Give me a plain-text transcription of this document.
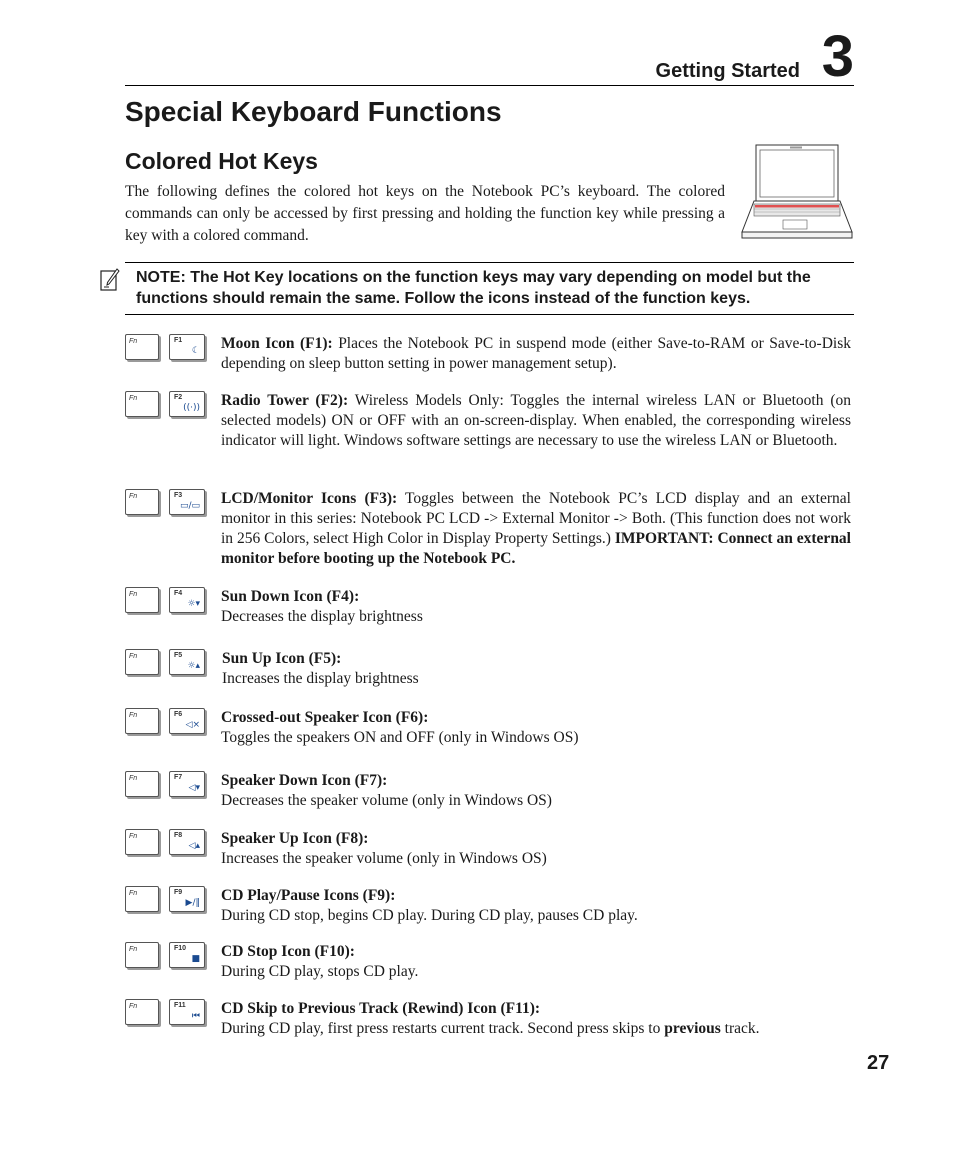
Getting Started 3
Special Keyboard Functions
Colored Hot Keys

The following defines the colored hot keys on the Notebook PC’s keyboard. The colored commands can only be accessed by first pressing and holding the function key while pressing a key with a colored command.

NOTE: The Hot Key locations on the function keys may vary depending on model but the functions should remain the same. Follow the icons instead of the function keys.

Fn	F1
☾ Moon Icon (F1): Places the Notebook PC in suspend mode (either Save-to-RAM or Save-to-Disk depending on sleep button setting in power management setup).

Fn	F2
((·)) Radio Tower (F2): Wireless Models Only: Toggles the internal wireless LAN or Bluetooth (on selected models) ON or OFF with an on-screen-display. When enabled, the corresponding wireless indicator will light. Windows software settings are necessary to use the wireless LAN or Bluetooth.

Fn	F3
▭/▭ LCD/Monitor Icons (F3): Toggles between the Notebook PC’s LCD display and an external monitor in this series: Notebook PC LCD -> External Monitor -> Both. (This function does not work in 256 Colors, select High Color in Display Property Settings.) IMPORTANT: Connect an external monitor before booting up the Notebook PC.

Fn	F4
☼▾ Sun Down Icon (F4):
Decreases the display brightness

Fn	F5
☼▴ Sun Up Icon (F5):
Increases the display brightness

Fn	F6
◁× Crossed-out Speaker Icon (F6):
Toggles the speakers ON and OFF (only in Windows OS)

Fn	F7
◁▾ Speaker Down Icon (F7):
Decreases the speaker volume (only in Windows OS)

Fn	F8
◁▴ Speaker Up Icon (F8):
Increases the speaker volume (only in Windows OS)

Fn	F9
▶/‖ CD Play/Pause Icons (F9):
During CD stop, begins CD play. During CD play, pauses CD play.

Fn	F10
■ CD Stop Icon (F10):
During CD play, stops CD play.

Fn	F11
⏮ CD Skip to Previous Track (Rewind) Icon (F11):
During CD play, first press restarts current track. Second press skips to previous track.

27
